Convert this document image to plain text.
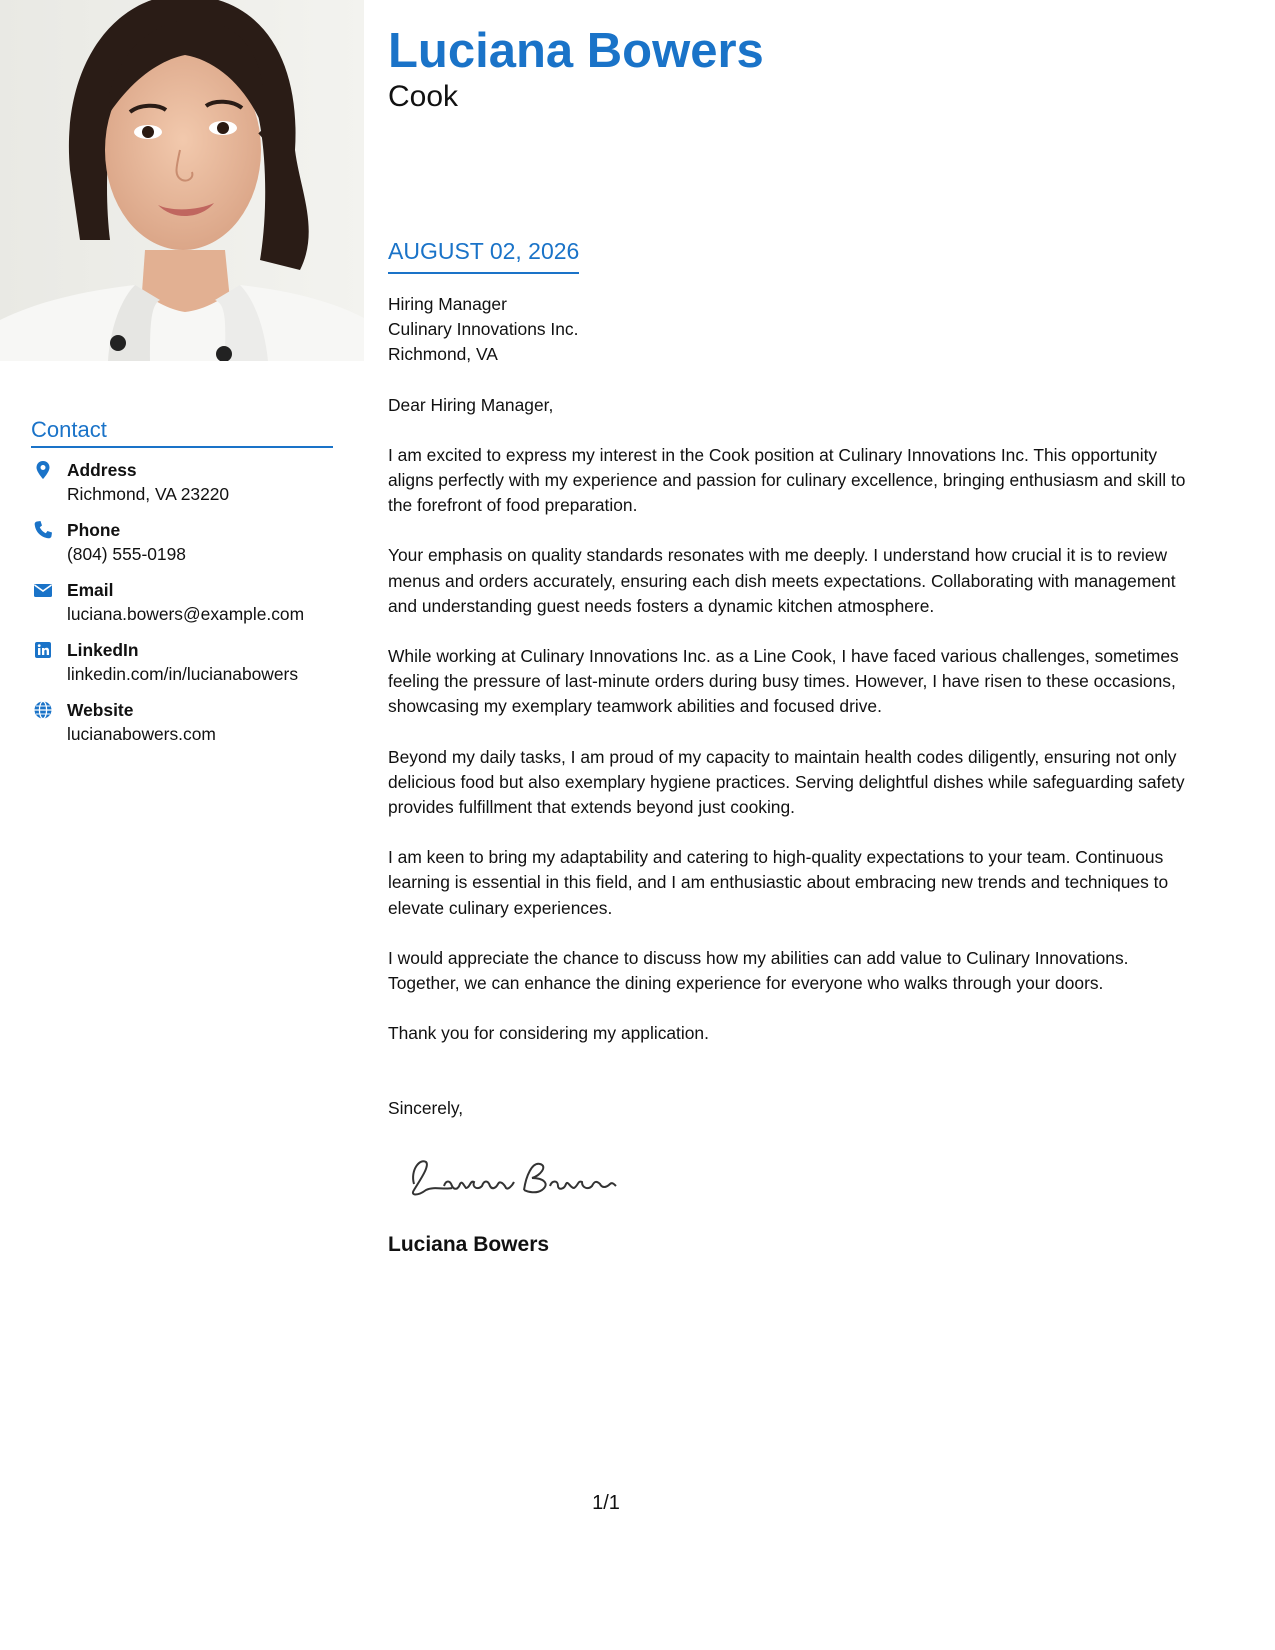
Luciana Bowers
Cook
AUGUST 02, 2026

Hiring Manager

Culinary Innovations Inc.

Richmond, VA

Dear Hiring Manager,

I am excited to express my interest in the Cook position at Culinary Innovations Inc. This opportunity aligns perfectly with my experience and passion for culinary excellence, bringing enthusiasm and skill to the forefront of food preparation.

Your emphasis on quality standards resonates with me deeply. I understand how crucial it is to review menus and orders accurately, ensuring each dish meets expectations. Collaborating with management and understanding guest needs fosters a dynamic kitchen atmosphere.

While working at Culinary Innovations Inc. as a Line Cook, I have faced various challenges, sometimes feeling the pressure of last-minute orders during busy times. However, I have risen to these occasions, showcasing my exemplary teamwork abilities and focused drive.

Beyond my daily tasks, I am proud of my capacity to maintain health codes diligently, ensuring not only delicious food but also exemplary hygiene practices. Serving delightful dishes while safeguarding safety provides fulfillment that extends beyond just cooking.

I am keen to bring my adaptability and catering to high-quality expectations to your team. Continuous learning is essential in this field, and I am enthusiastic about embracing new trends and techniques to elevate culinary experiences.

I would appreciate the chance to discuss how my abilities can add value to Culinary Innovations. Together, we can enhance the dining experience for everyone who walks through your doors.

Thank you for considering my application.

Sincerely,
Luciana Bowers
Contact
Address
Richmond, VA 23220
Phone
(804) 555-0198
Email
luciana.bowers@example.com
LinkedIn
linkedin.com/in/lucianabowers
Website
lucianabowers.com
1/1
